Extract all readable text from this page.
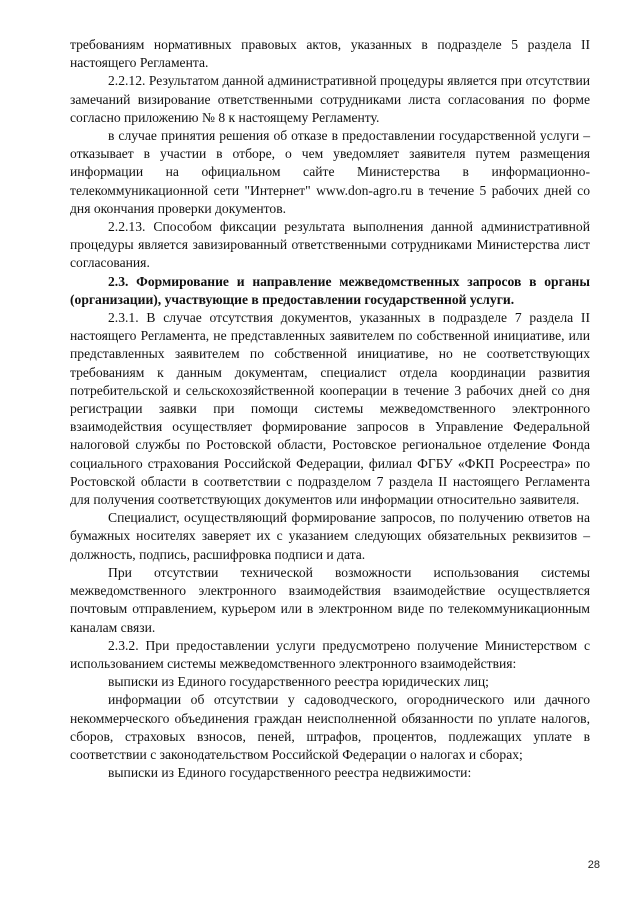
требованиям нормативных правовых актов, указанных в подразделе 5 раздела II настоящего Регламента.

2.2.12. Результатом данной административной процедуры является при отсутствии замечаний визирование ответственными сотрудниками листа согласования по форме согласно приложению № 8 к настоящему Регламенту.

в случае принятия решения об отказе в предоставлении государственной услуги – отказывает в участии в отборе, о чем уведомляет заявителя путем размещения информации на официальном сайте Министерства в информационно-телекоммуникационной сети "Интернет" www.don-agro.ru в течение 5 рабочих дней со дня окончания проверки документов.

2.2.13. Способом фиксации результата выполнения данной административной процедуры является завизированный ответственными сотрудниками Министерства лист согласования.

2.3. Формирование и направление межведомственных запросов в органы (организации), участвующие в предоставлении государственной услуги.

2.3.1. В случае отсутствия документов, указанных в подразделе 7 раздела II настоящего Регламента, не представленных заявителем по собственной инициативе, или представленных заявителем по собственной инициативе, но не соответствующих требованиям к данным документам, специалист отдела координации развития потребительской и сельскохозяйственной кооперации в течение 3 рабочих дней со дня регистрации заявки при помощи системы межведомственного электронного взаимодействия осуществляет формирование запросов в Управление Федеральной налоговой службы по Ростовской области, Ростовское региональное отделение Фонда социального страхования Российской Федерации, филиал ФГБУ «ФКП Росреестра» по Ростовской области в соответствии с подразделом 7 раздела II настоящего Регламента для получения соответствующих документов или информации относительно заявителя.

Специалист, осуществляющий формирование запросов, по получению ответов на бумажных носителях заверяет их с указанием следующих обязательных реквизитов – должность, подпись, расшифровка подписи и дата.

При отсутствии технической возможности использования системы межведомственного электронного взаимодействия взаимодействие осуществляется почтовым отправлением, курьером или в электронном виде по телекоммуникационным каналам связи.

2.3.2. При предоставлении услуги предусмотрено получение Министерством с использованием системы межведомственного электронного взаимодействия:

выписки из Единого государственного реестра юридических лиц;

информации об отсутствии у садоводческого, огороднического или дачного некоммерческого объединения граждан неисполненной обязанности по уплате налогов, сборов, страховых взносов, пеней, штрафов, процентов, подлежащих уплате в соответствии с законодательством Российской Федерации о налогах и сборах;

выписки из Единого государственного реестра недвижимости:

28
